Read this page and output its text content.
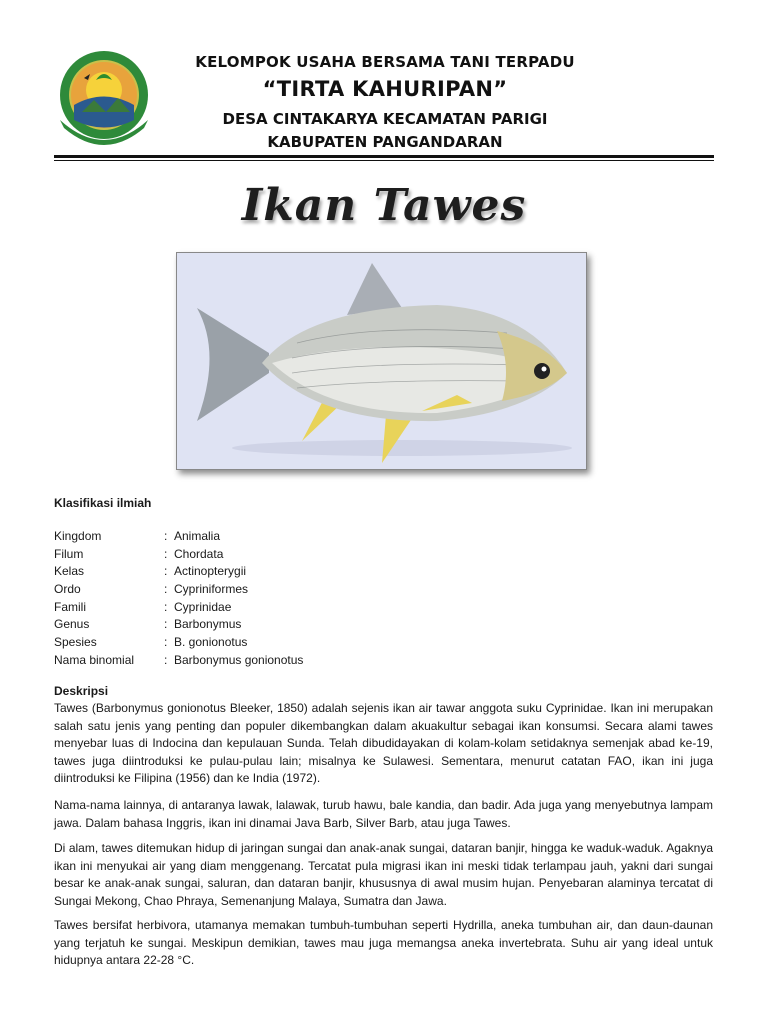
KELOMPOK USAHA BERSAMA TANI TERPADU
“TIRTA KAHURIPAN”
DESA CINTAKARYA KECAMATAN PARIGI
KABUPATEN PANGANDARAN
Ikan Tawes
Klasifikasi ilmiah
Kingdom	: Animalia
Filum	: Chordata
Kelas	: Actinopterygii
Ordo	: Cypriniformes
Famili	: Cyprinidae
Genus	: Barbonymus
Spesies	: B. gonionotus
Nama binomial : Barbonymus gonionotus
Deskripsi
Tawes (Barbonymus gonionotus Bleeker, 1850) adalah sejenis ikan air tawar anggota suku Cyprinidae. Ikan ini merupakan salah satu jenis yang penting dan populer dikembangkan dalam akuakultur sebagai ikan konsumsi. Secara alami tawes menyebar luas di Indocina dan kepulauan Sunda. Telah dibudidayakan di kolam-kolam setidaknya semenjak abad ke-19, tawes juga diintroduksi ke pulau-pulau lain; misalnya ke Sulawesi. Sementara, menurut catatan FAO, ikan ini juga diintroduksi ke Filipina (1956) dan ke India (1972).
Nama-nama lainnya, di antaranya lawak, lalawak, turub hawu, bale kandia, dan badir. Ada juga yang menyebutnya lampam jawa. Dalam bahasa Inggris, ikan ini dinamai Java Barb, Silver Barb, atau juga Tawes.
Di alam, tawes ditemukan hidup di jaringan sungai dan anak-anak sungai, dataran banjir, hingga ke waduk-waduk. Agaknya ikan ini menyukai air yang diam menggenang. Tercatat pula migrasi ikan ini meski tidak terlampau jauh, yakni dari sungai besar ke anak-anak sungai, saluran, dan dataran banjir, khususnya di awal musim hujan. Penyebaran alaminya tercatat di Sungai Mekong, Chao Phraya, Semenanjung Malaya, Sumatra dan Jawa.
Tawes bersifat herbivora, utamanya memakan tumbuh-tumbuhan seperti Hydrilla, aneka tumbuhan air, dan daun-daunan yang terjatuh ke sungai. Meskipun demikian, tawes mau juga memangsa aneka invertebrata. Suhu air yang ideal untuk hidupnya antara 22-28 °C.
